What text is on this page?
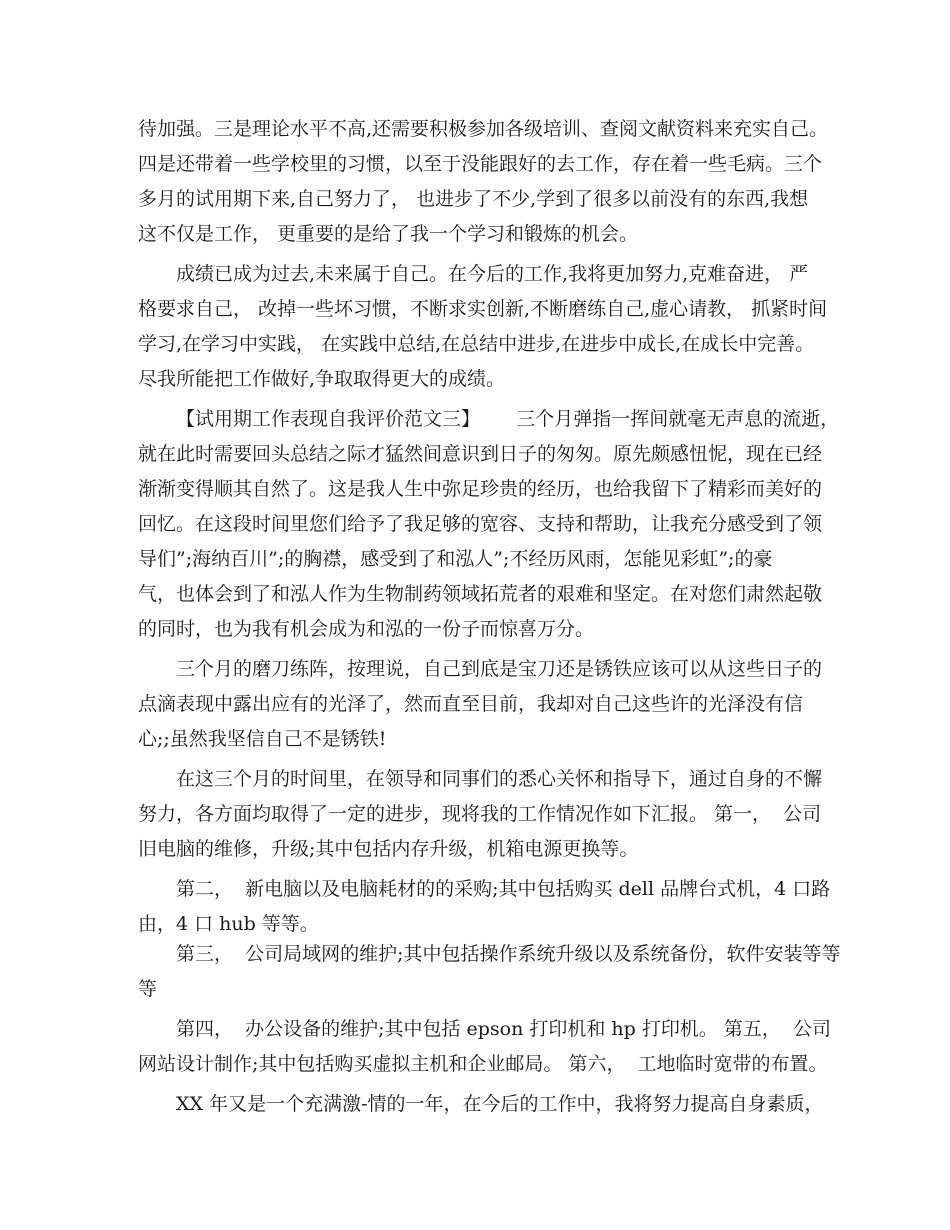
待加强。三是理论水平不高,还需要积极参加各级培训、查阅文献资料来充实自己。

四是还带着一些学校里的习惯，以至于没能跟好的去工作，存在着一些毛病。三个

多月的试用期下来,自己努力了， 也进步了不少,学到了很多以前没有的东西,我想

这不仅是工作， 更重要的是给了我一个学习和锻炼的机会。

成绩已成为过去,未来属于自己。在今后的工作,我将更加努力,克难奋进， 严

格要求自己， 改掉一些坏习惯，不断求实创新,不断磨练自己,虚心请教， 抓紧时间

学习,在学习中实践， 在实践中总结,在总结中进步,在进步中成长,在成长中完善。

尽我所能把工作做好,争取取得更大的成绩。

【试用期工作表现自我评价范文三】      三个月弹指一挥间就毫无声息的流逝，

就在此时需要回头总结之际才猛然间意识到日子的匆匆。原先颇感忸怩，现在已经

渐渐变得顺其自然了。这是我人生中弥足珍贵的经历，也给我留下了精彩而美好的

回忆。在这段时间里您们给予了我足够的宽容、支持和帮助，让我充分感受到了领

导们”;海纳百川”;的胸襟，感受到了和泓人”;不经历风雨，怎能见彩虹”;的豪

气，也体会到了和泓人作为生物制药领域拓荒者的艰难和坚定。在对您们肃然起敬

的同时，也为我有机会成为和泓的一份子而惊喜万分。

三个月的磨刀练阵，按理说，自己到底是宝刀还是锈铁应该可以从这些日子的

点滴表现中露出应有的光泽了，然而直至目前，我却对自己这些许的光泽没有信

心;;虽然我坚信自己不是锈铁!

在这三个月的时间里，在领导和同事们的悉心关怀和指导下，通过自身的不懈

努力，各方面均取得了一定的进步，现将我的工作情况作如下汇报。 第一，  公司

旧电脑的维修，升级;其中包括内存升级，机箱电源更换等。

第二，  新电脑以及电脑耗材的的采购;其中包括购买 dell 品牌台式机，4 口路

由，4 口 hub 等等。

第三，  公司局域网的维护;其中包括操作系统升级以及系统备份，软件安装等等

等

第四，  办公设备的维护;其中包括 epson 打印机和 hp 打印机。 第五，  公司

网站设计制作;其中包括购买虚拟主机和企业邮局。 第六，  工地临时宽带的布置。

XX 年又是一个充满激-情的一年，在今后的工作中，我将努力提高自身素质，
